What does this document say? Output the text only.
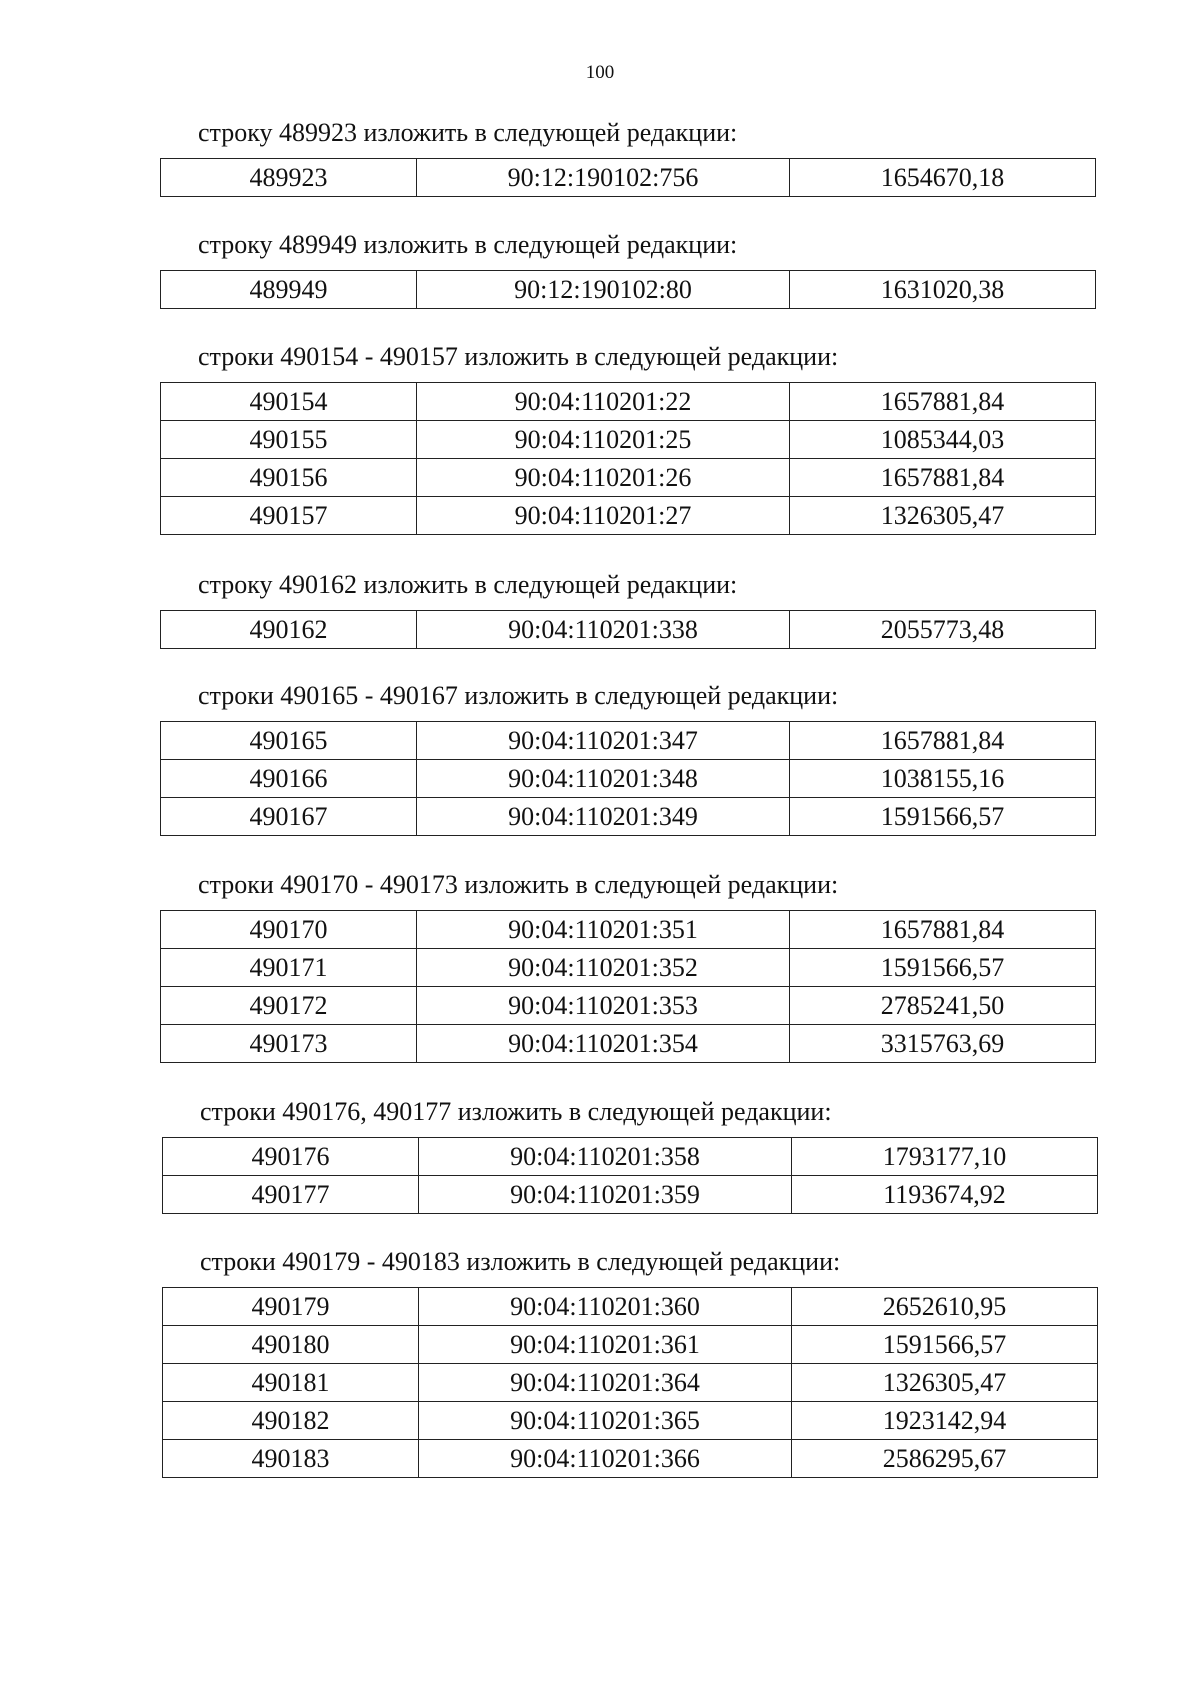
100

строку 489923 изложить в следующей редакции:

489923	90:12:190102:756	1654670,18

строку 489949 изложить в следующей редакции:

489949	90:12:190102:80	1631020,38

строки 490154 - 490157 изложить в следующей редакции:

490154	90:04:110201:22	1657881,84
490155	90:04:110201:25	1085344,03
490156	90:04:110201:26	1657881,84
490157	90:04:110201:27	1326305,47

строку 490162 изложить в следующей редакции:

490162	90:04:110201:338	2055773,48

строки 490165 - 490167 изложить в следующей редакции:

490165	90:04:110201:347	1657881,84
490166	90:04:110201:348	1038155,16
490167	90:04:110201:349	1591566,57

строки 490170 - 490173 изложить в следующей редакции:

490170	90:04:110201:351	1657881,84
490171	90:04:110201:352	1591566,57
490172	90:04:110201:353	2785241,50
490173	90:04:110201:354	3315763,69

строки 490176, 490177 изложить в следующей редакции:

490176	90:04:110201:358	1793177,10
490177	90:04:110201:359	1193674,92

строки 490179 - 490183 изложить в следующей редакции:

490179	90:04:110201:360	2652610,95
490180	90:04:110201:361	1591566,57
490181	90:04:110201:364	1326305,47
490182	90:04:110201:365	1923142,94
490183	90:04:110201:366	2586295,67
